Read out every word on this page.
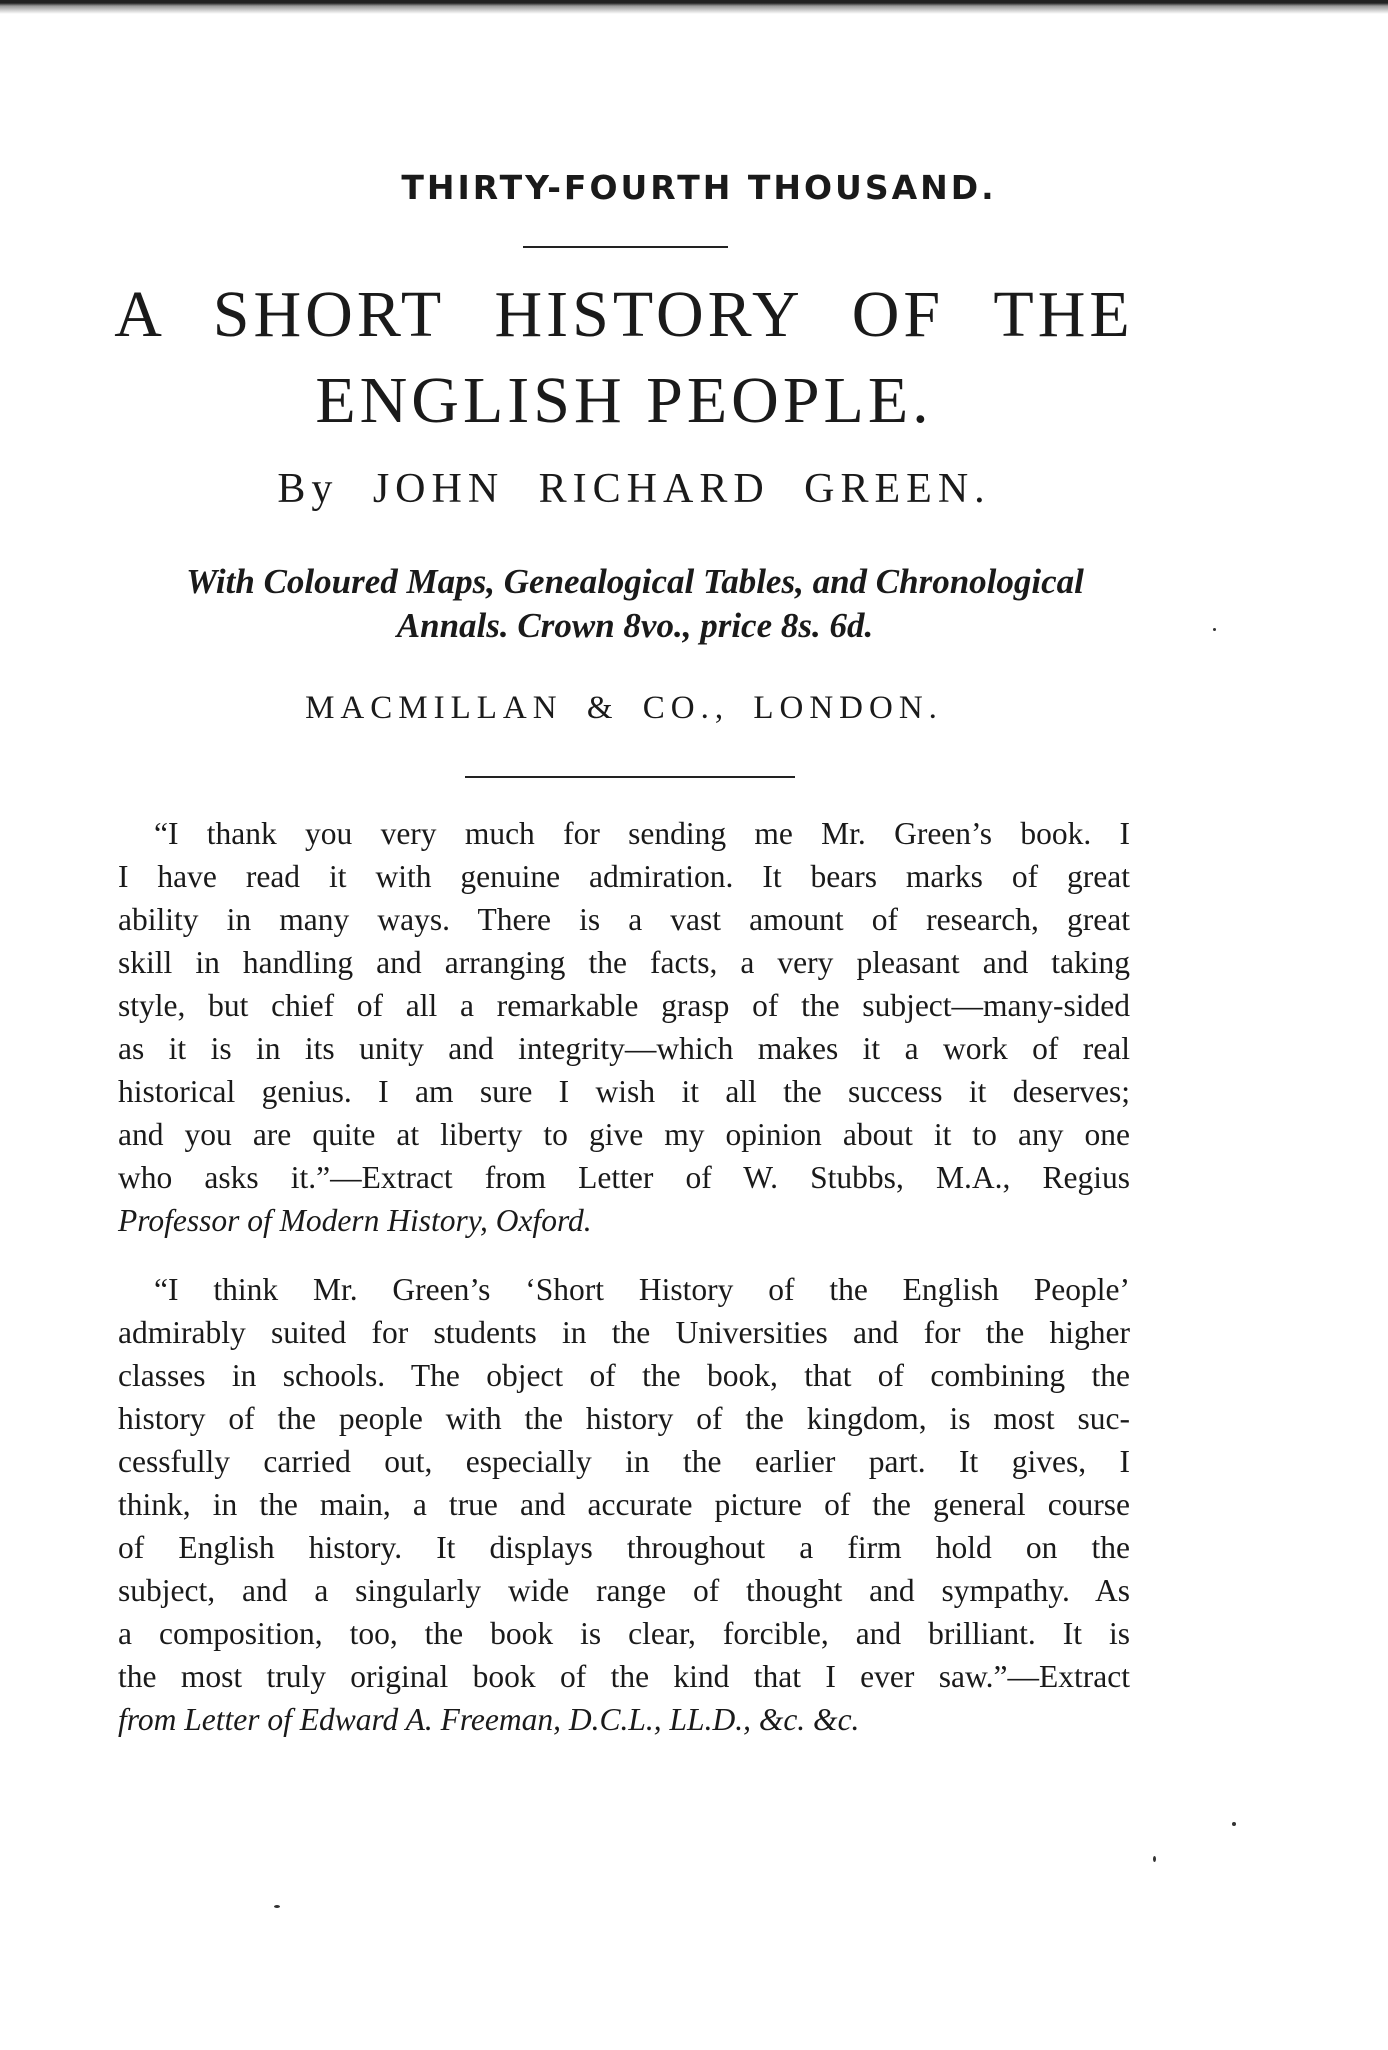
THIRTY-FOURTH THOUSAND.
A SHORT HISTORY OF THE
ENGLISH PEOPLE.
By JOHN RICHARD GREEN.
With Coloured Maps, Genealogical Tables, and Chronological
Annals. Crown 8vo., price 8s. 6d.
MACMILLAN & CO., LONDON.
“I thank you very much for sending me Mr. Green’s book. I
I have read it with genuine admiration. It bears marks of great
ability in many ways. There is a vast amount of research, great
skill in handling and arranging the facts, a very pleasant and taking
style, but chief of all a remarkable grasp of the subject—many-sided
as it is in its unity and integrity—which makes it a work of real
historical genius. I am sure I wish it all the success it deserves;
and you are quite at liberty to give my opinion about it to any one
who asks it.”—Extract from Letter of W. Stubbs, M.A., Regius
Professor of Modern History, Oxford.
“I think Mr. Green’s ‘Short History of the English People’
admirably suited for students in the Universities and for the higher
classes in schools. The object of the book, that of combining the
history of the people with the history of the kingdom, is most suc-
cessfully carried out, especially in the earlier part. It gives, I
think, in the main, a true and accurate picture of the general course
of English history. It displays throughout a firm hold on the
subject, and a singularly wide range of thought and sympathy. As
a composition, too, the book is clear, forcible, and brilliant. It is
the most truly original book of the kind that I ever saw.”—Extract
from Letter of Edward A. Freeman, D.C.L., LL.D., &c. &c.
